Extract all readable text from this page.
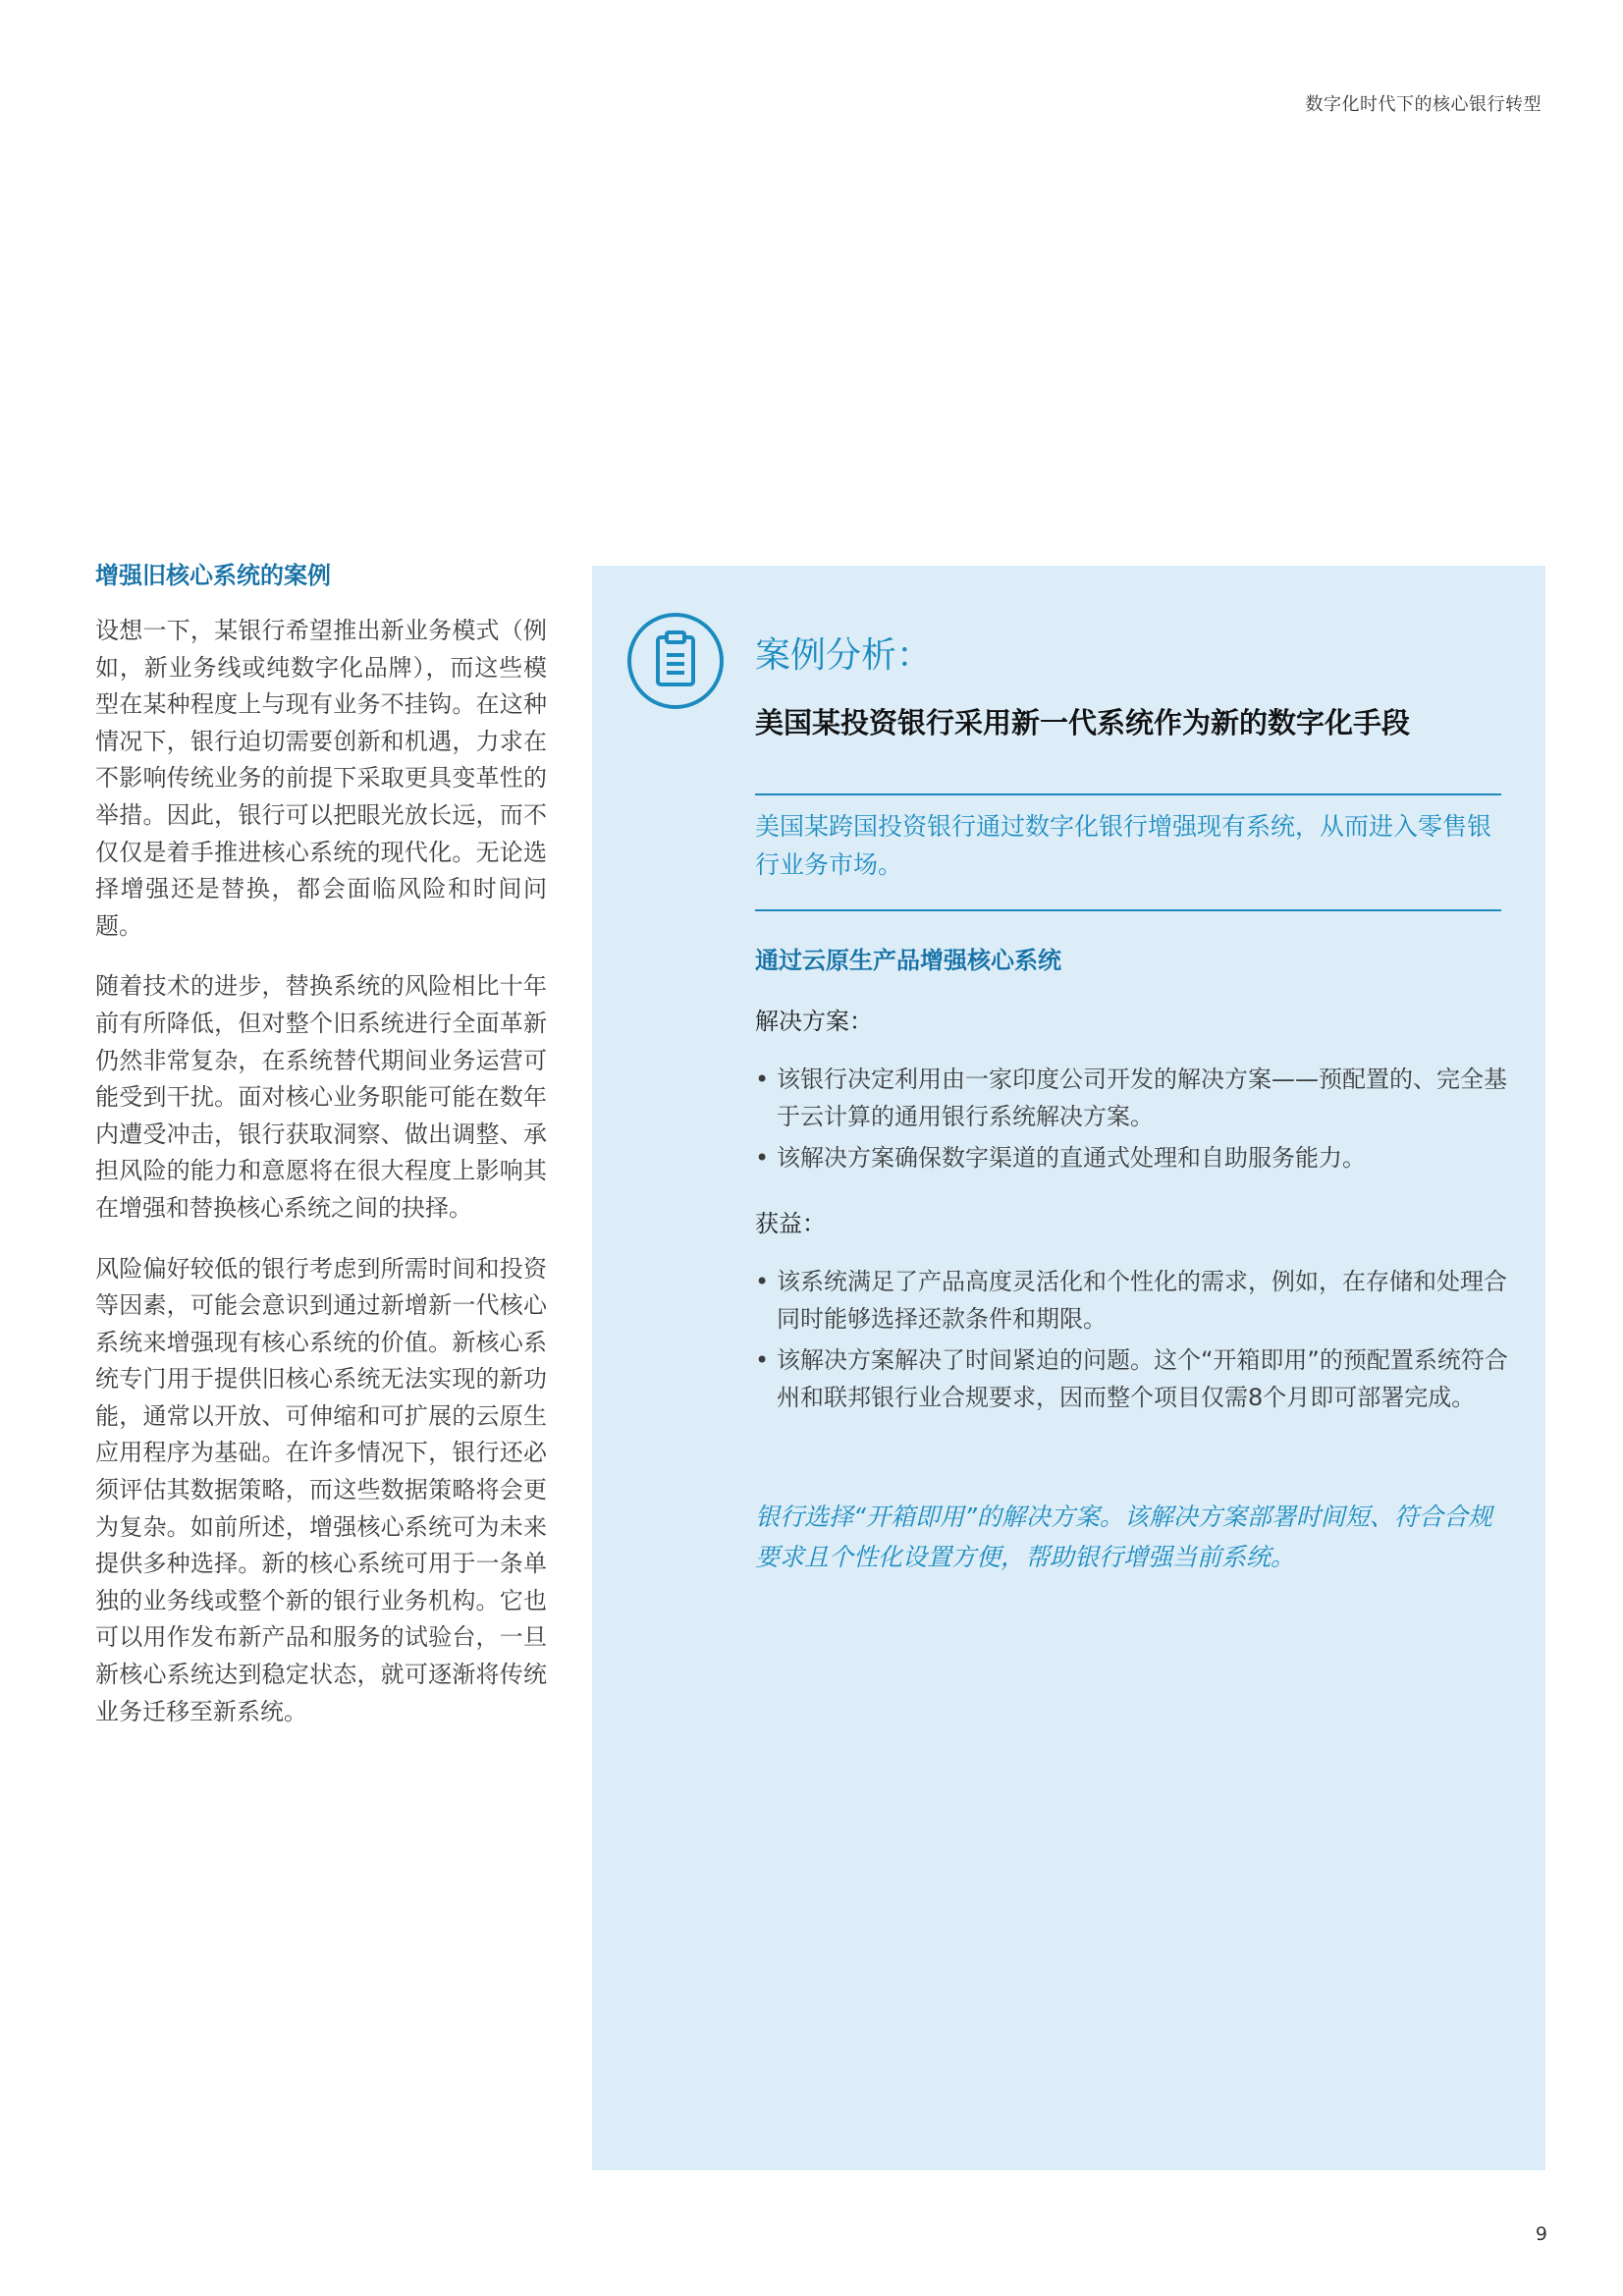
数字化时代下的核心银行转型
增强旧核心系统的案例

设想一下，某银行希望推出新业务模式（例如，新业务线或纯数字化品牌），而这些模型在某种程度上与现有业务不挂钩。在这种情况下，银行迫切需要创新和机遇，力求在不影响传统业务的前提下采取更具变革性的举措。因此，银行可以把眼光放长远，而不仅仅是着手推进核心系统的现代化。无论选择增强还是替换，都会面临风险和时间问题。

随着技术的进步，替换系统的风险相比十年前有所降低，但对整个旧系统进行全面革新仍然非常复杂，在系统替代期间业务运营可能受到干扰。面对核心业务职能可能在数年内遭受冲击，银行获取洞察、做出调整、承担风险的能力和意愿将在很大程度上影响其在增强和替换核心系统之间的抉择。

风险偏好较低的银行考虑到所需时间和投资等因素，可能会意识到通过新增新一代核心系统来增强现有核心系统的价值。新核心系统专门用于提供旧核心系统无法实现的新功能，通常以开放、可伸缩和可扩展的云原生应用程序为基础。在许多情况下，银行还必须评估其数据策略，而这些数据策略将会更为复杂。如前所述，增强核心系统可为未来提供多种选择。新的核心系统可用于一条单独的业务线或整个新的银行业务机构。它也可以用作发布新产品和服务的试验台，一旦新核心系统达到稳定状态，就可逐渐将传统业务迁移至新系统。

案例分析：
美国某投资银行采用新一代系统作为新的数字化手段
美国某跨国投资银行通过数字化银行增强现有系统，从而进入零售银行业务市场。
通过云原生产品增强核心系统
解决方案：
• 该银行决定利用由一家印度公司开发的解决方案——预配置的、完全基于云计算的通用银行系统解决方案。
• 该解决方案确保数字渠道的直通式处理和自助服务能力。
获益：
• 该系统满足了产品高度灵活化和个性化的需求，例如，在存储和处理合同时能够选择还款条件和期限。
• 该解决方案解决了时间紧迫的问题。这个“开箱即用”的预配置系统符合州和联邦银行业合规要求，因而整个项目仅需8个月即可部署完成。
银行选择“开箱即用”的解决方案。该解决方案部署时间短、符合合规要求且个性化设置方便，帮助银行增强当前系统。
9
